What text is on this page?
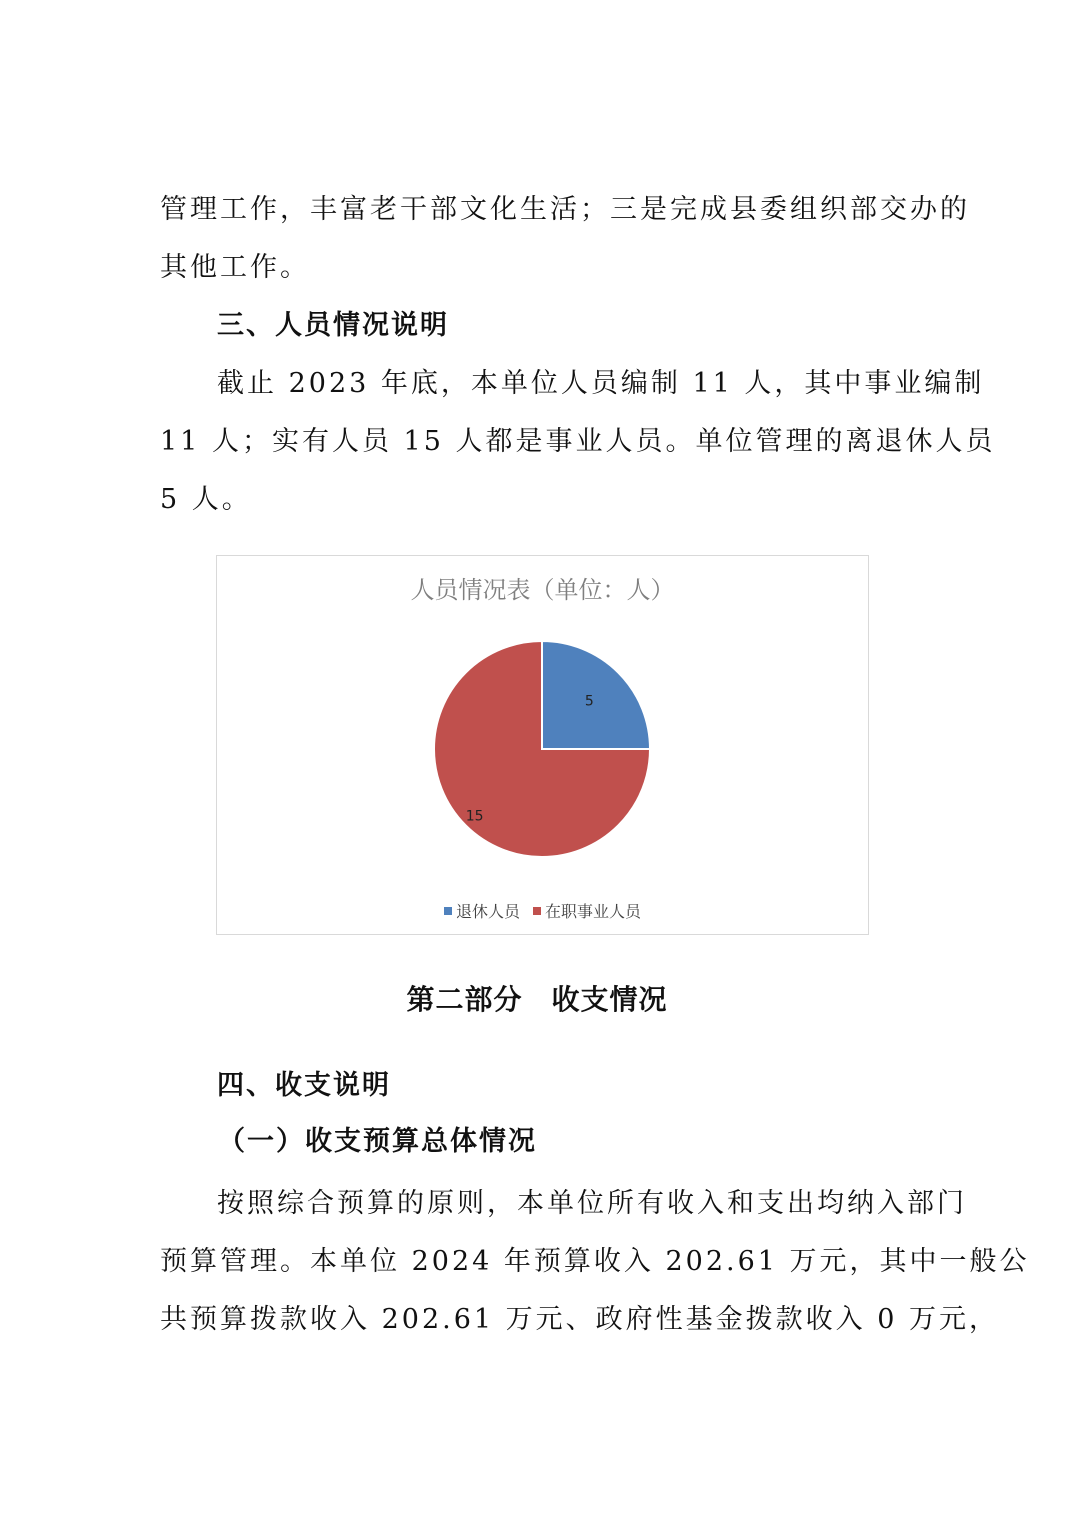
管理工作，丰富老干部文化生活；三是完成县委组织部交办的
其他工作。
三、人员情况说明
截止 2023 年底，本单位人员编制 11 人，其中事业编制
11 人；实有人员 15 人都是事业人员。单位管理的离退休人员
5 人。
人员情况表（单位：人）
5
15
退休人员
在职事业人员
第二部分　收支情况
四、收支说明
（一）收支预算总体情况
按照综合预算的原则，本单位所有收入和支出均纳入部门
预算管理。本单位 2024 年预算收入 202.61 万元，其中一般公
共预算拨款收入 202.61 万元、政府性基金拨款收入 0 万元，
